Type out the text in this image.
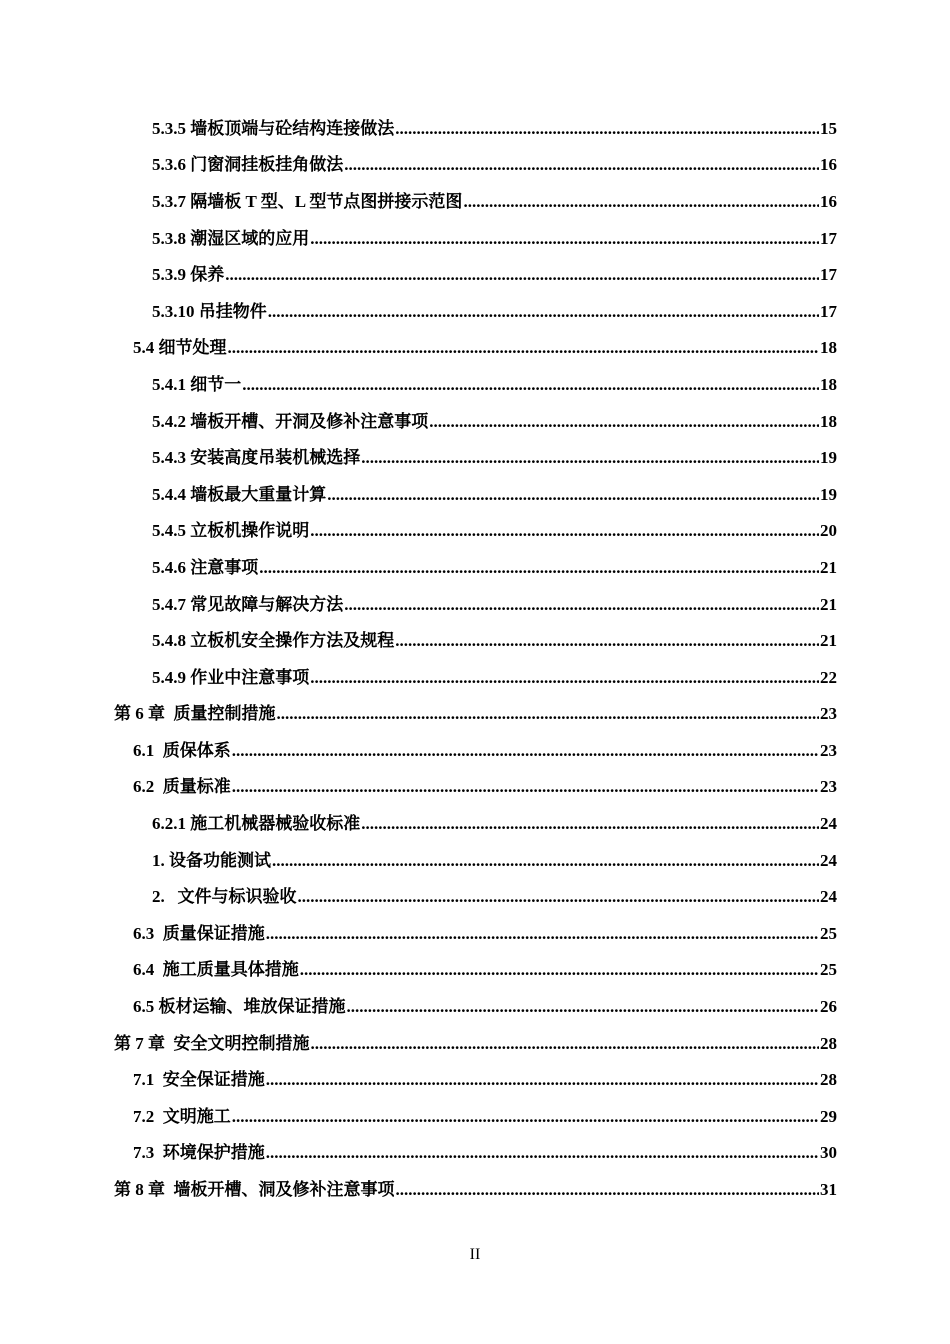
5.3.5 墙板顶端与砼结构连接做法 .....	15
5.3.6 门窗洞挂板挂角做法 .....	16
5.3.7 隔墙板 T 型、L 型节点图拼接示范图 .....	16
5.3.8 潮湿区域的应用 .....	17
5.3.9 保养 .....	17
5.3.10 吊挂物件 .....	17
5.4 细节处理 .....	18
5.4.1 细节一 .....	18
5.4.2 墙板开槽、开洞及修补注意事项 .....	18
5.4.3 安装高度吊装机械选择 .....	19
5.4.4 墙板最大重量计算 .....	19
5.4.5 立板机操作说明 .....	20
5.4.6 注意事项 .....	21
5.4.7 常见故障与解决方法 .....	21
5.4.8 立板机安全操作方法及规程 .....	21
5.4.9 作业中注意事项 .....	22
第 6 章  质量控制措施 .....	23
6.1  质保体系 .....	23
6.2  质量标准 .....	23
6.2.1 施工机械器械验收标准 .....	24
1. 设备功能测试 .....	24
2.   文件与标识验收 .....	24
6.3  质量保证措施 .....	25
6.4  施工质量具体措施 .....	25
6.5 板材运输、堆放保证措施 .....	26
第 7 章  安全文明控制措施 .....	28
7.1  安全保证措施 .....	28
7.2  文明施工 .....	29
7.3  环境保护措施 .....	30
第 8 章  墙板开槽、洞及修补注意事项 .....	31
II
